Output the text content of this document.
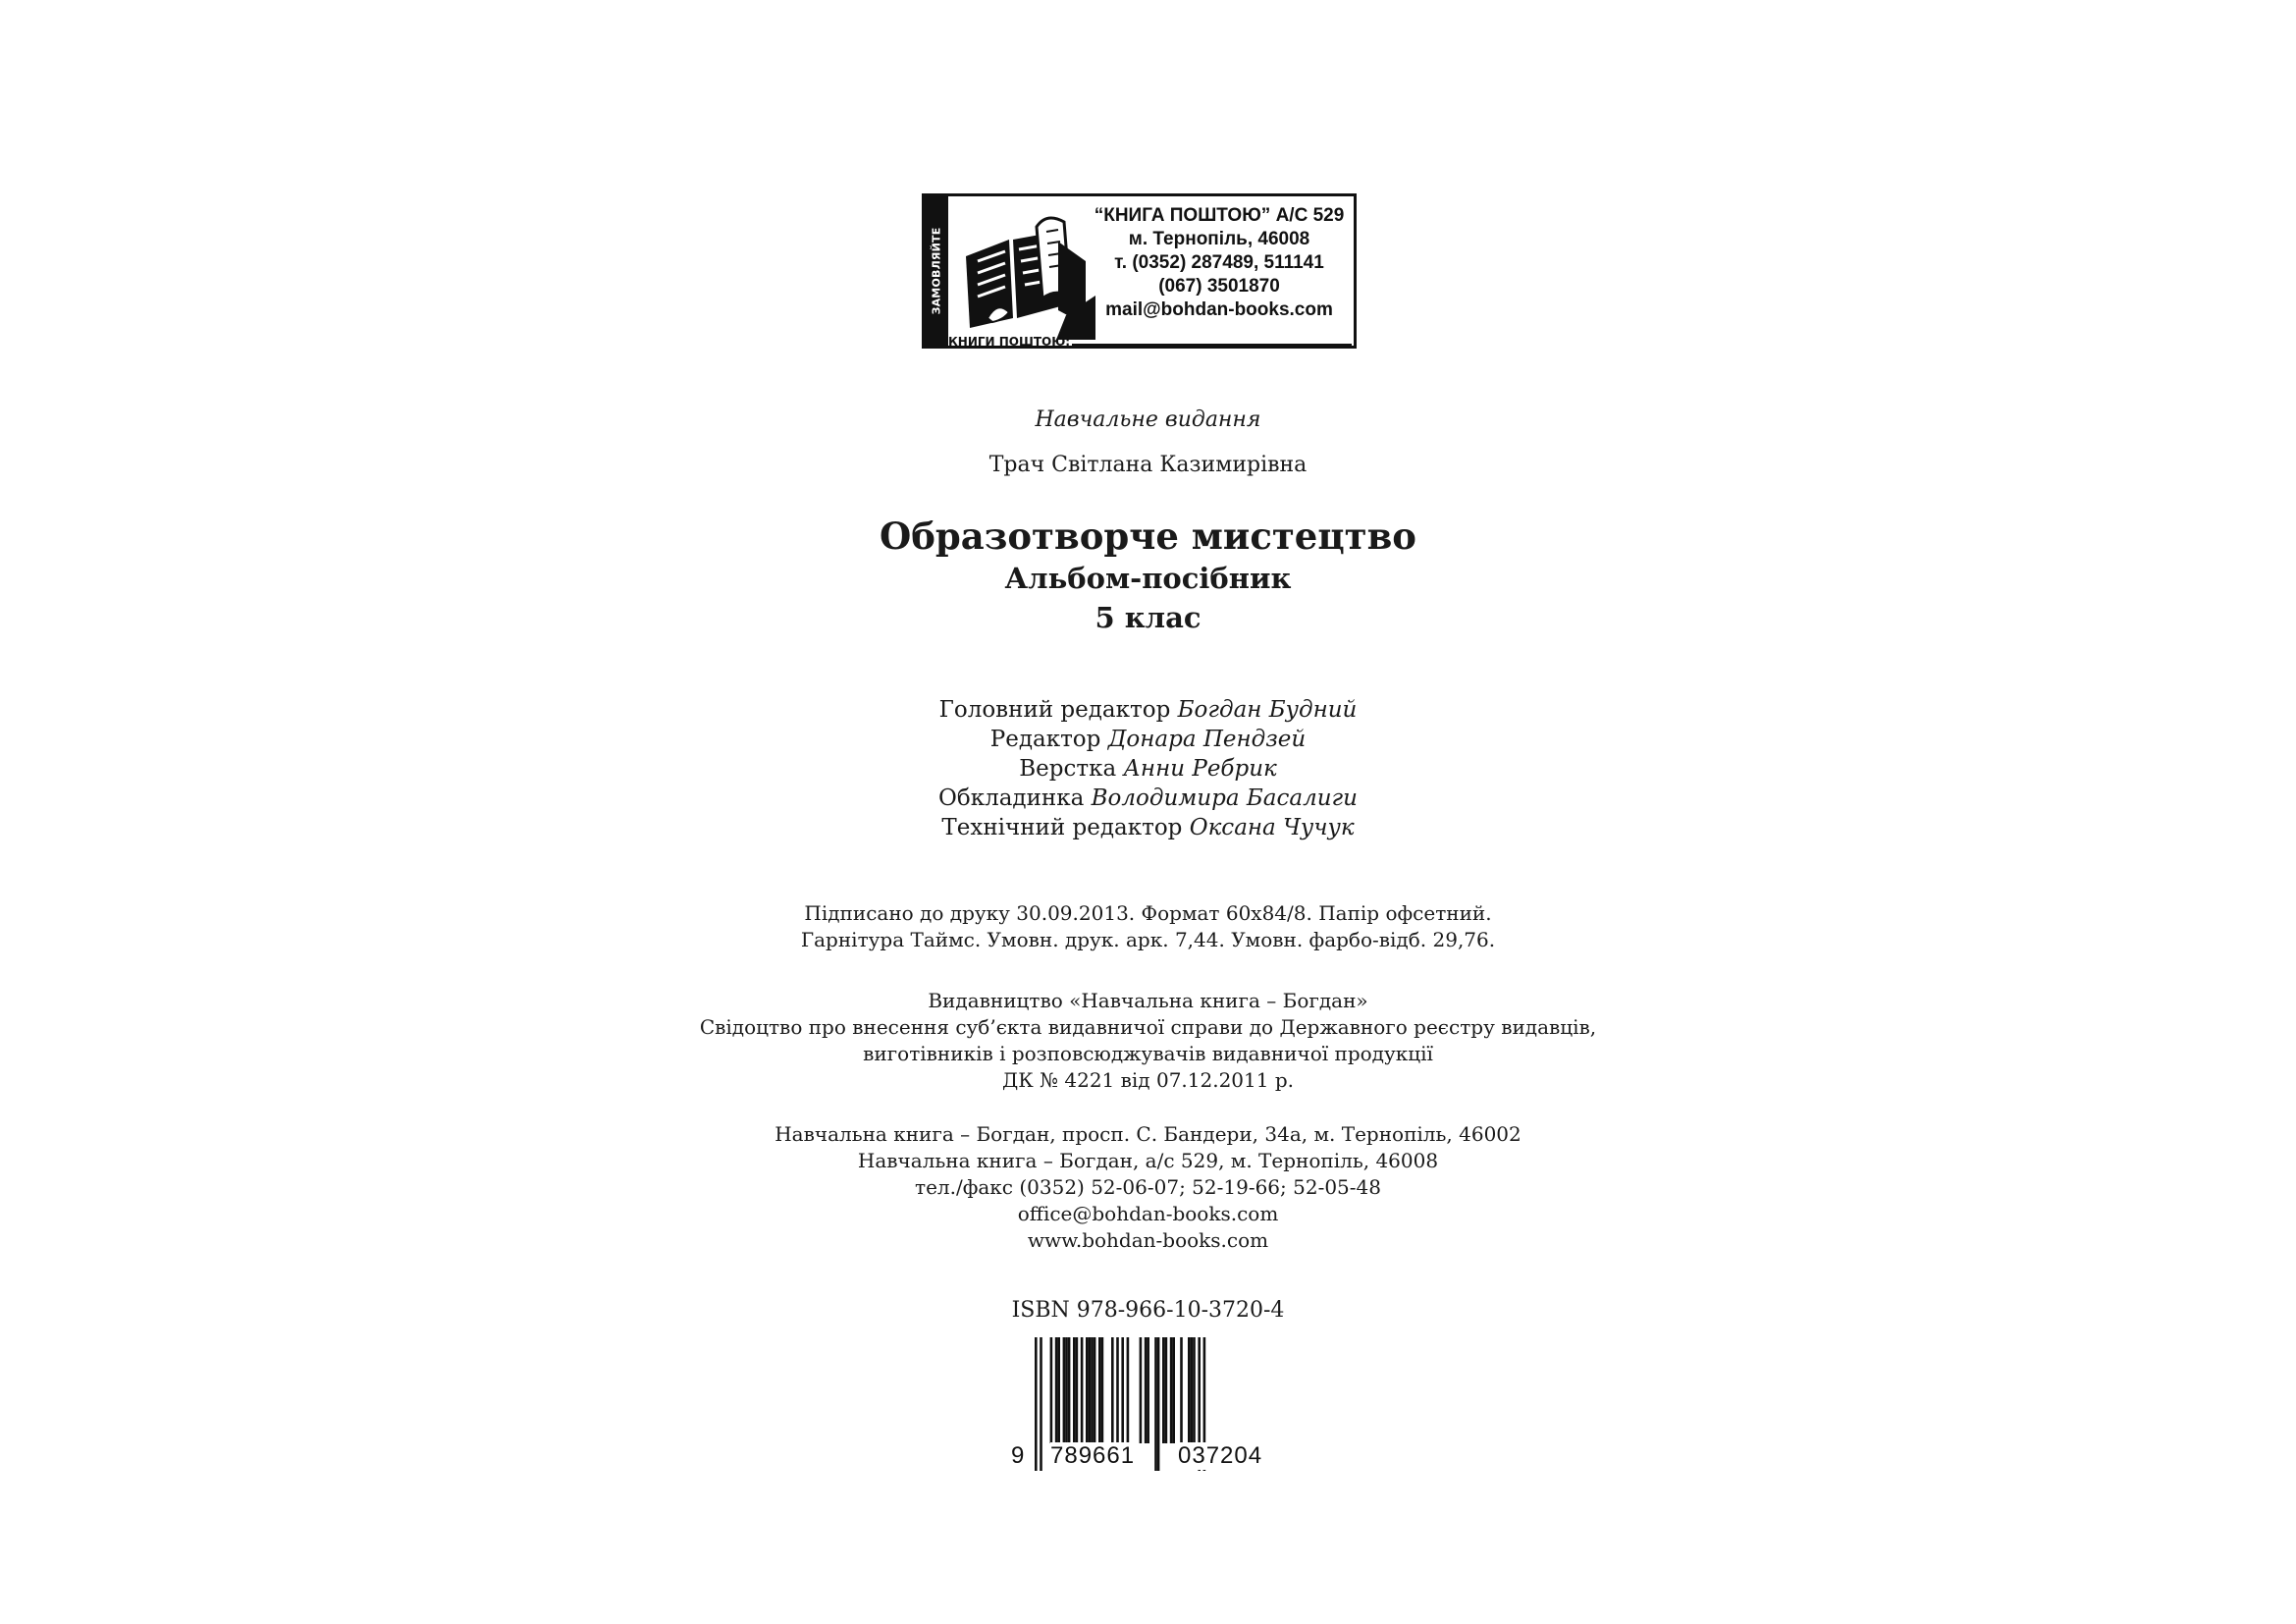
ЗАМОВЛЯЙТЕ
КНИГИ ПОШТОЮ:
“КНИГА ПОШТОЮ” А/С 529
м. Тернопіль, 46008
т. (0352) 287489, 511141
(067) 3501870
mail@bohdan-books.com
Навчальне видання
Трач Світлана Казимирівна
Образотворче мистецтво
Альбом-посібник
5 клас
Головний редактор Богдан Будний
Редактор Донара Пендзей
Верстка Анни Ребрик
Обкладинка Володимира Басалиги
Технічний редактор Оксана Чучук
Підписано до друку 30.09.2013. Формат 60х84/8. Папір офсетний.
Гарнітура Таймс. Умовн. друк. арк. 7,44. Умовн. фарбо-відб. 29,76.
Видавництво «Навчальна книга – Богдан»
Свідоцтво про внесення суб’єкта видавничої справи до Державного реєстру видавців,
виготівників і розповсюджувачів видавничої продукції
ДК № 4221 від 07.12.2011 р.
Навчальна книга – Богдан, просп. С. Бандери, 34а, м. Тернопіль, 46002
Навчальна книга – Богдан, а/с 529, м. Тернопіль, 46008
тел./факс (0352) 52-06-07; 52-19-66; 52-05-48
office@bohdan-books.com
www.bohdan-books.com
ISBN 978-966-10-3720-4
9 789661 037204
